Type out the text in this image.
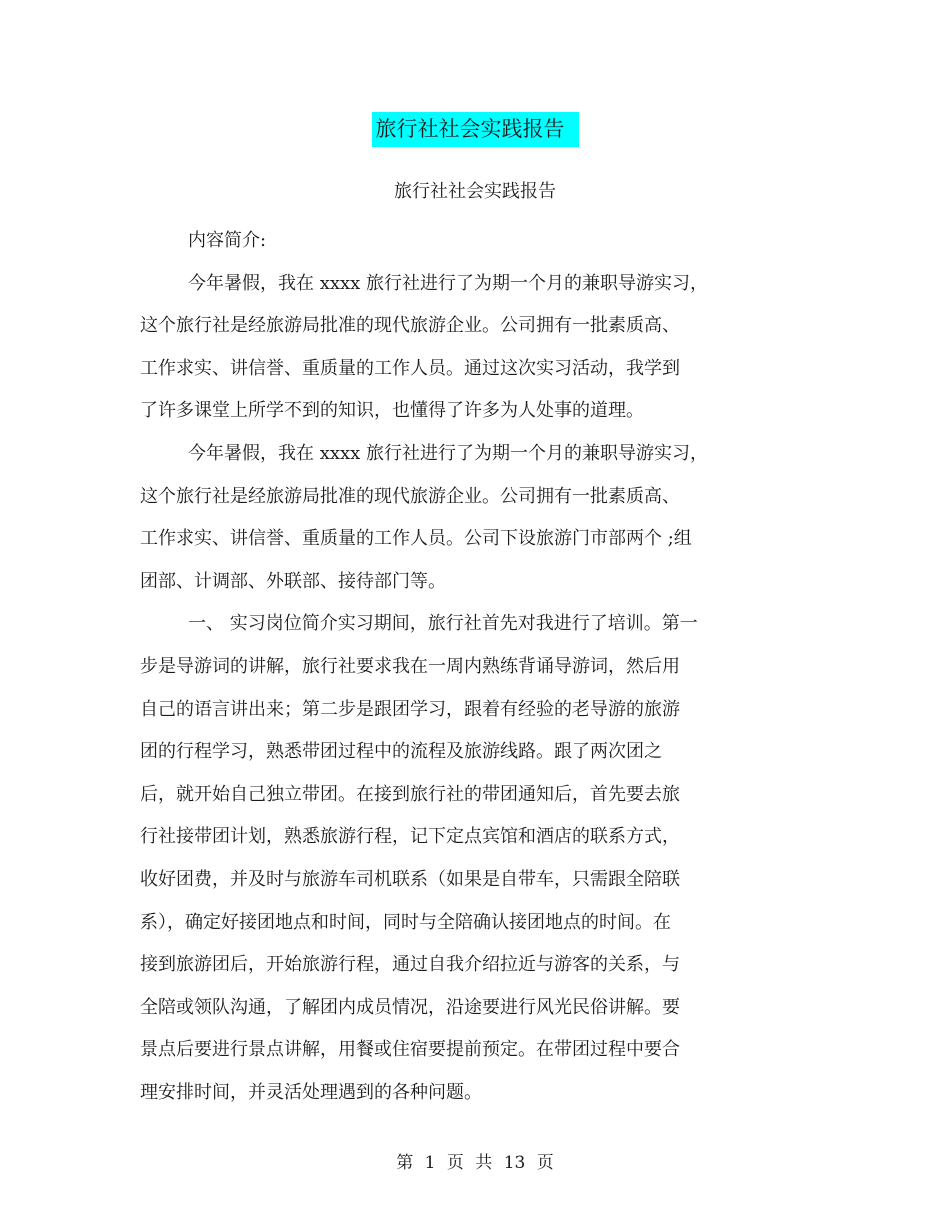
旅行社社会实践报告
旅行社社会实践报告
内容简介:
今年暑假，我在 xxxx 旅行社进行了为期一个月的兼职导游实习，
这个旅行社是经旅游局批准的现代旅游企业。公司拥有一批素质高、
工作求实、讲信誉、重质量的工作人员。通过这次实习活动，我学到
了许多课堂上所学不到的知识，也懂得了许多为人处事的道理。
今年暑假，我在 xxxx 旅行社进行了为期一个月的兼职导游实习，
这个旅行社是经旅游局批准的现代旅游企业。公司拥有一批素质高、
工作求实、讲信誉、重质量的工作人员。公司下设旅游门市部两个 ;组
团部、计调部、外联部、接待部门等。
一、 实习岗位简介实习期间，旅行社首先对我进行了培训。第一
步是导游词的讲解，旅行社要求我在一周内熟练背诵导游词，然后用
自己的语言讲出来；第二步是跟团学习，跟着有经验的老导游的旅游
团的行程学习，熟悉带团过程中的流程及旅游线路。跟了两次团之
后，就开始自己独立带团。在接到旅行社的带团通知后，首先要去旅
行社接带团计划，熟悉旅游行程，记下定点宾馆和酒店的联系方式，
收好团费，并及时与旅游车司机联系（如果是自带车，只需跟全陪联
系），确定好接团地点和时间，同时与全陪确认接团地点的时间。在
接到旅游团后，开始旅游行程，通过自我介绍拉近与游客的关系，与
全陪或领队沟通，了解团内成员情况，沿途要进行风光民俗讲解。要
景点后要进行景点讲解，用餐或住宿要提前预定。在带团过程中要合
理安排时间，并灵活处理遇到的各种问题。
第 1 页 共 13 页
